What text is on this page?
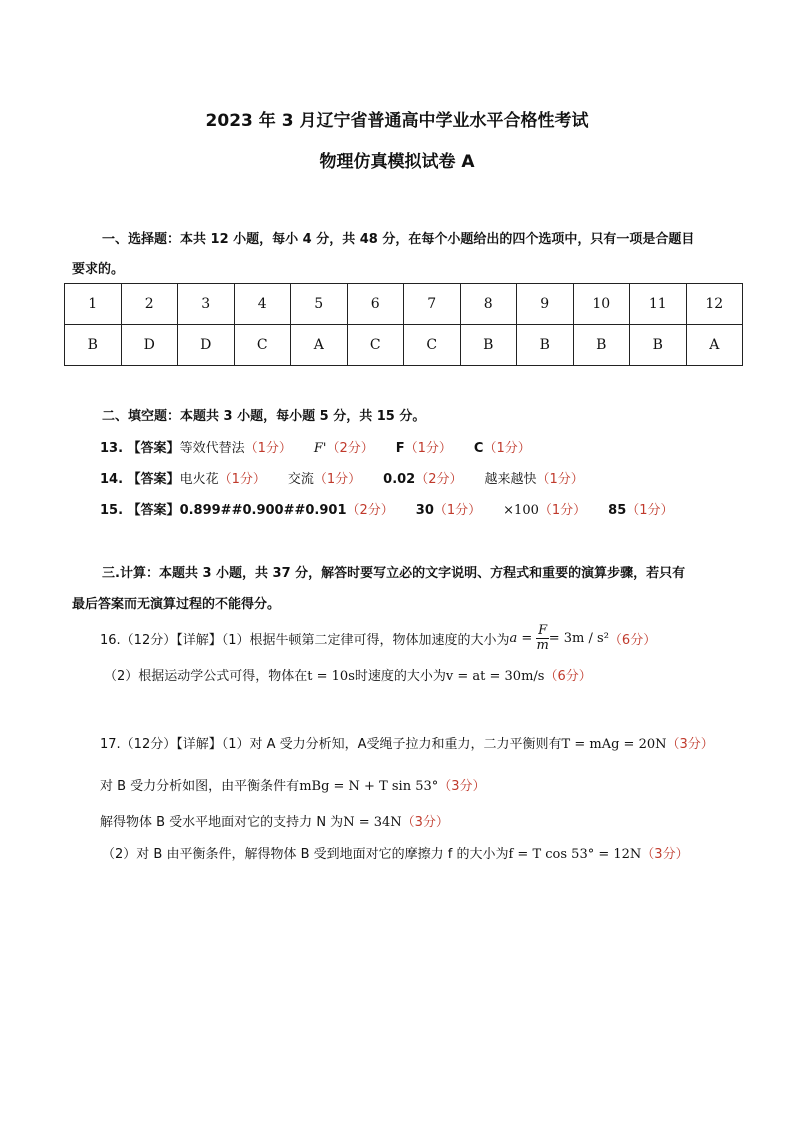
2023 年 3 月辽宁省普通高中学业水平合格性考试
物理仿真模拟试卷 A
一、选择题：本共 12 小题，每小 4 分，共 48 分，在每个小题给出的四个选项中，只有一项是合题目
要求的。
1	2	3	4	5	6	7	8	9	10	11	12
B	D	D	C	A	C	C	B	B	B	B	A
二、填空题：本题共 3 小题，每小题 5 分，共 15 分。
13. 【答案】等效代替法（1分） F'（2分） F（1分） C（1分）
14. 【答案】电火花（1分） 交流（1分） 0.02（2分） 越来越快（1分）
15. 【答案】0.899##0.900##0.901（2分） 30（1分） ×100（1分） 85（1分）
三.计算：本题共 3 小题，共 37 分，解答时要写立必的文字说明、方程式和重要的演算步骤，若只有
最后答案而无演算过程的不能得分。
16.（12分）【详解】（1）根据牛顿第二定律可得，物体加速度的大小为 $a = \frac{F}{m} = 3m / s^2$ （6分）
（2）根据运动学公式可得，物体在t = 10s时速度的大小为v = at = 30m/s（6分）
17.（12分）【详解】（1）对 A 受力分析知，A受绳子拉力和重力，二力平衡则有T = mAg = 20N（3分）
对 B 受力分析如图，由平衡条件有mBg = N + T sin 53°（3分）
解得物体 B 受水平地面对它的支持力 N 为N = 34N（3分）
（2）对 B 由平衡条件，解得物体 B 受到地面对它的摩擦力 f 的大小为f = T cos 53° = 12N（3分）
